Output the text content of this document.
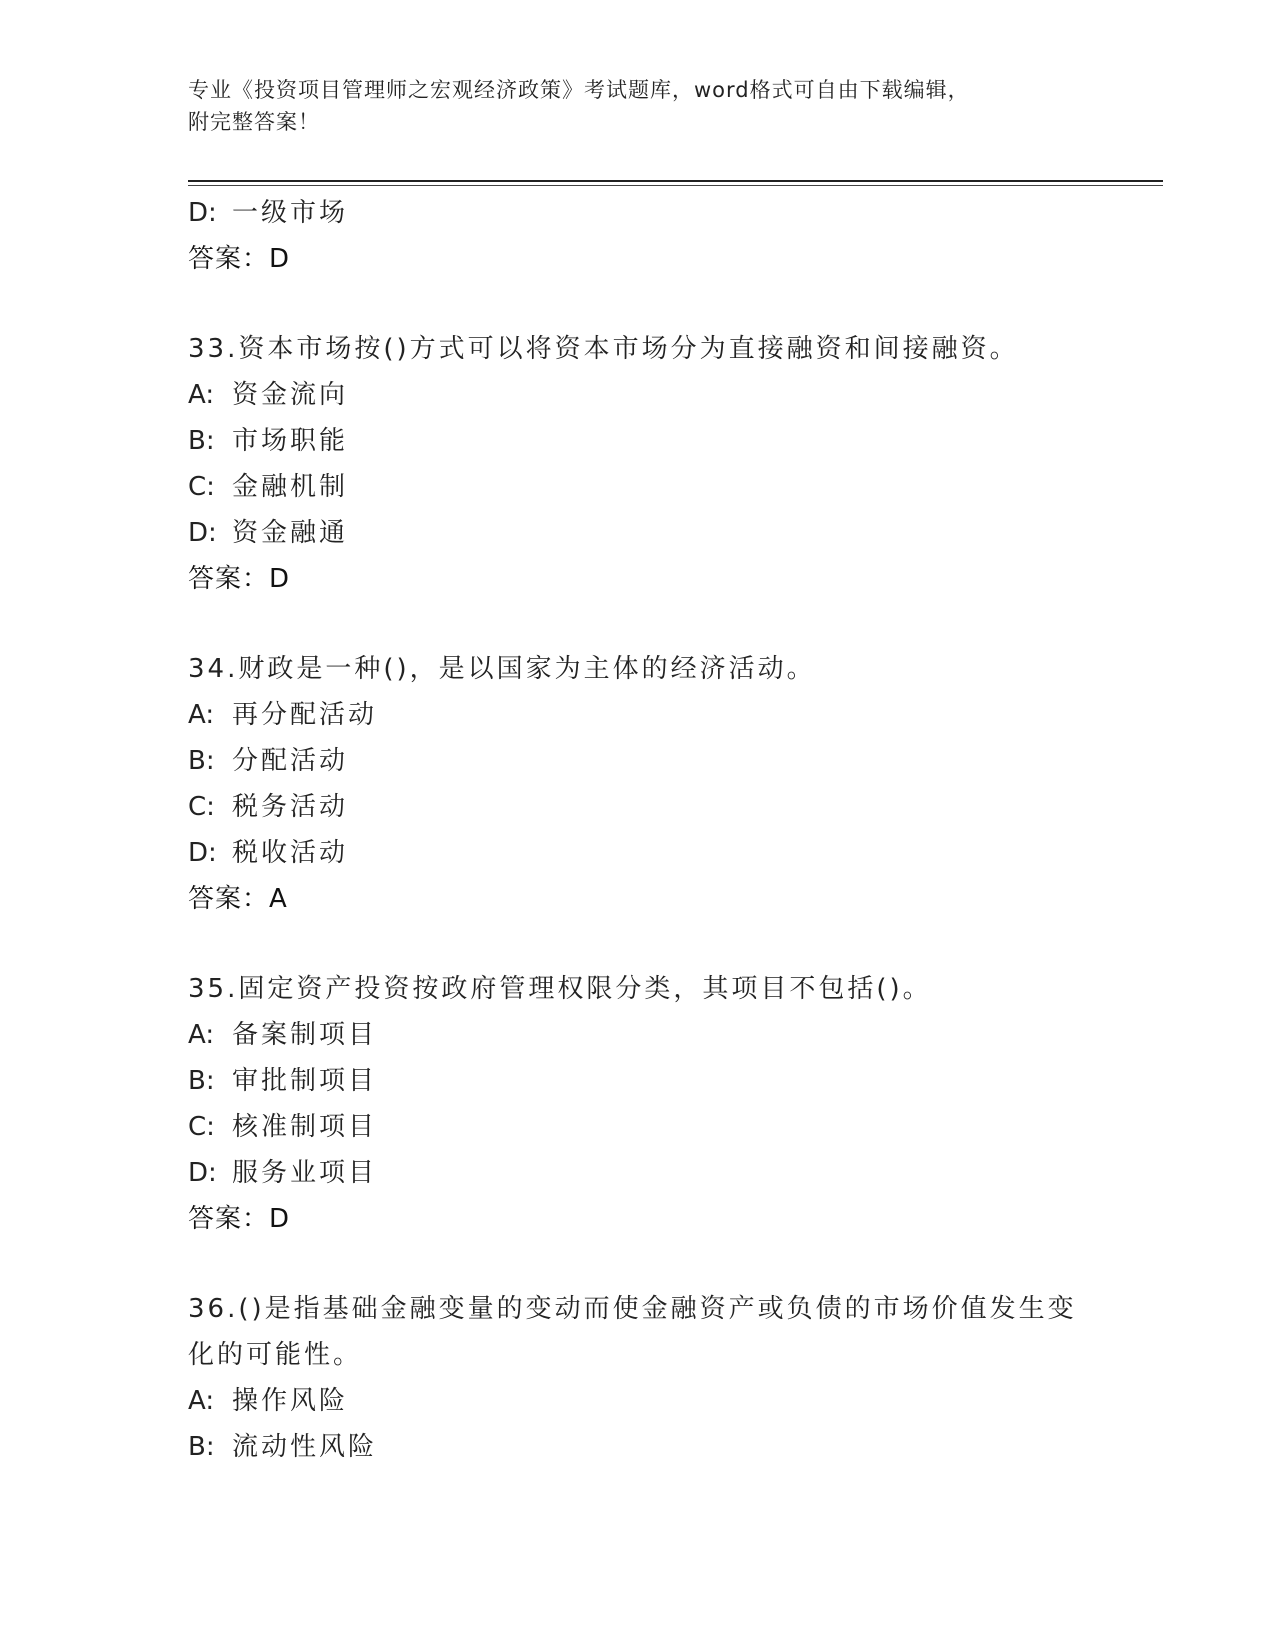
专业《投资项目管理师之宏观经济政策》考试题库，word格式可自由下载编辑，
附完整答案！
D: 一级市场
答案：D
33.资本市场按()方式可以将资本市场分为直接融资和间接融资。
A: 资金流向
B: 市场职能
C: 金融机制
D: 资金融通
答案：D
34.财政是一种()，是以国家为主体的经济活动。
A: 再分配活动
B: 分配活动
C: 税务活动
D: 税收活动
答案：A
35.固定资产投资按政府管理权限分类，其项目不包括()。
A: 备案制项目
B: 审批制项目
C: 核准制项目
D: 服务业项目
答案：D
36.()是指基础金融变量的变动而使金融资产或负债的市场价值发生变
化的可能性。
A: 操作风险
B: 流动性风险
